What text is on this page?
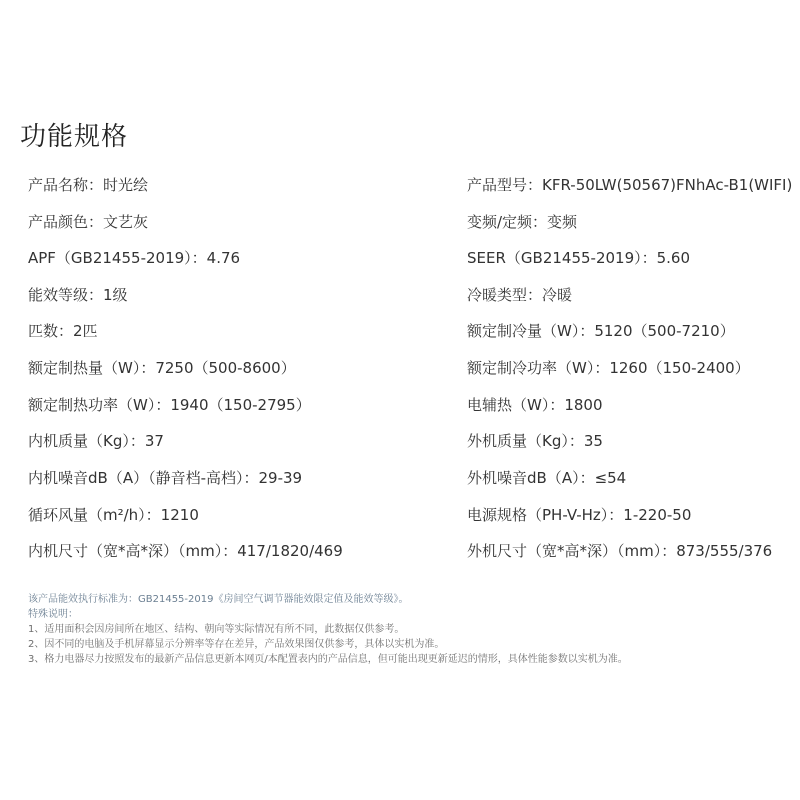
功能规格
产品名称：时光绘	产品型号：KFR-50LW(50567)FNhAc-B1(WIFI)
产品颜色：文艺灰	变频/定频：变频
APF（GB21455-2019）：4.76	SEER（GB21455-2019）：5.60
能效等级：1级	冷暖类型：冷暖
匹数：2匹	额定制冷量（W）：5120（500-7210）
额定制热量（W）：7250（500-8600）	额定制冷功率（W）：1260（150-2400）
额定制热功率（W）：1940（150-2795）	电辅热（W）：1800
内机质量（Kg）：37	外机质量（Kg）：35
内机噪音dB（A）（静音档-高档）：29-39	外机噪音dB（A）：≤54
循环风量（m²/h）：1210	电源规格（PH-V-Hz）：1-220-50
内机尺寸（宽*高*深）（mm）：417/1820/469	外机尺寸（宽*高*深）（mm）：873/555/376
该产品能效执行标准为：GB21455-2019《房间空气调节器能效限定值及能效等级》。
特殊说明：
1、适用面积会因房间所在地区、结构、朝向等实际情况有所不同，此数据仅供参考。
2、因不同的电脑及手机屏幕显示分辨率等存在差异，产品效果图仅供参考，具体以实机为准。
3、格力电器尽力按照发布的最新产品信息更新本网页/本配置表内的产品信息，但可能出现更新延迟的情形，具体性能参数以实机为准。
